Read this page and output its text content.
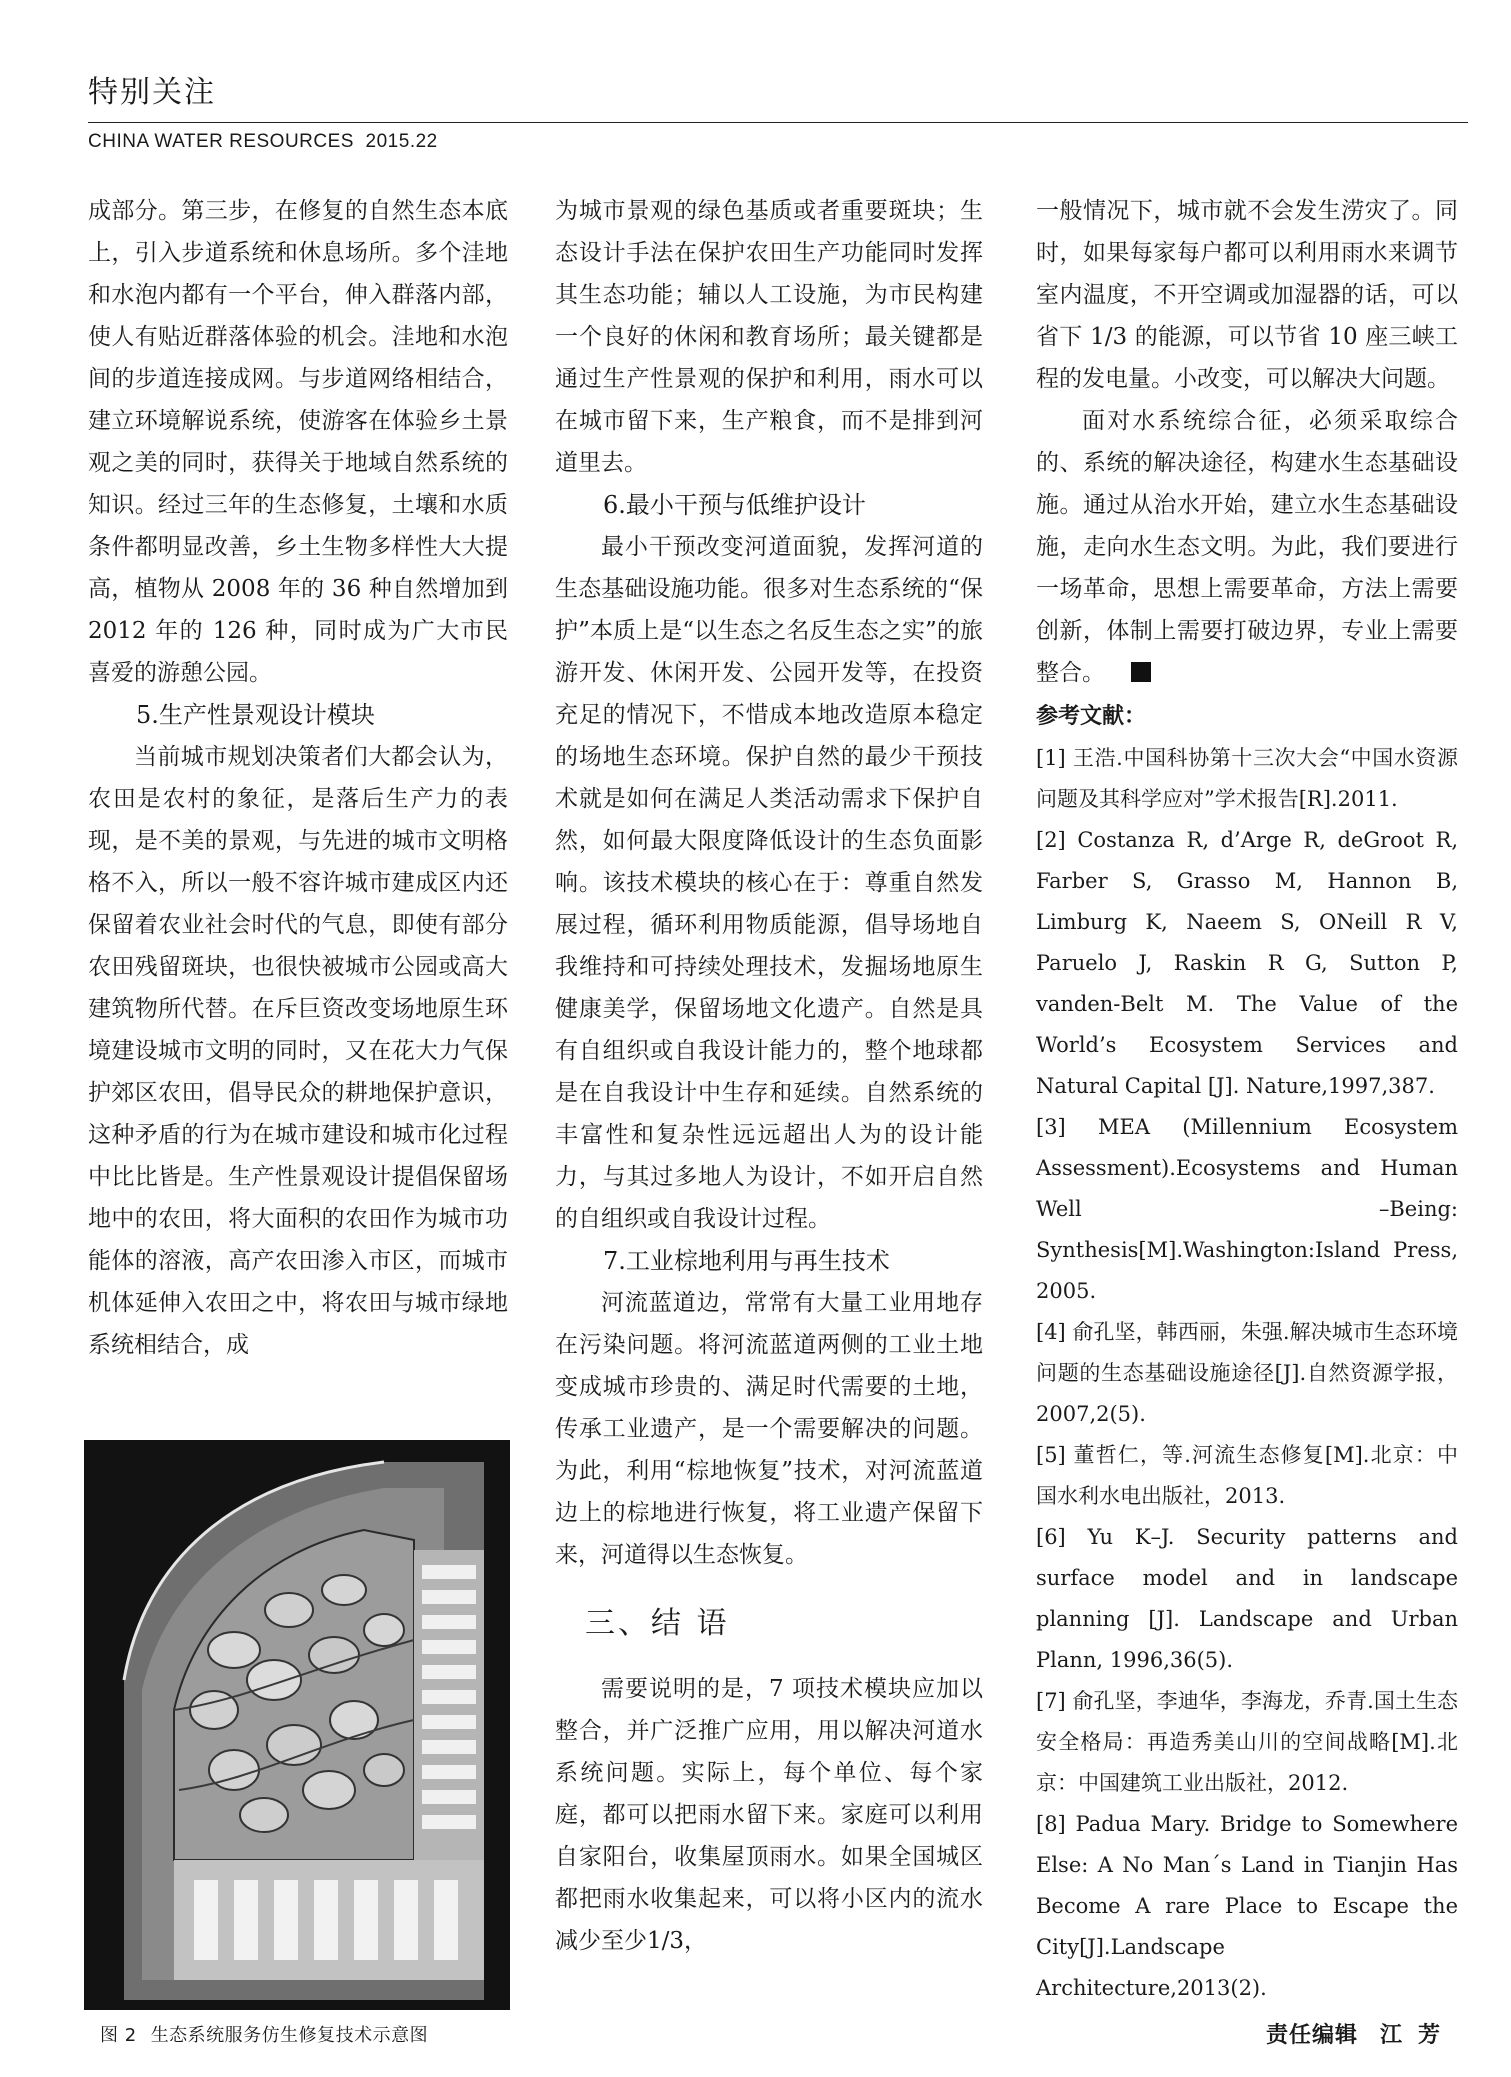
特别关注
CHINA WATER RESOURCES 2015.22

成部分。第三步，在修复的自然生态本底上，引入步道系统和休息场所。多个洼地和水泡内都有一个平台，伸入群落内部，使人有贴近群落体验的机会。洼地和水泡间的步道连接成网。与步道网络相结合，建立环境解说系统，使游客在体验乡土景观之美的同时，获得关于地域自然系统的知识。经过三年的生态修复，土壤和水质条件都明显改善，乡土生物多样性大大提高，植物从 2008 年的 36 种自然增加到 2012 年的 126 种，同时成为广大市民喜爱的游憩公园。

5.生产性景观设计模块

当前城市规划决策者们大都会认为，农田是农村的象征，是落后生产力的表现，是不美的景观，与先进的城市文明格格不入，所以一般不容许城市建成区内还保留着农业社会时代的气息，即使有部分农田残留斑块，也很快被城市公园或高大建筑物所代替。在斥巨资改变场地原生环境建设城市文明的同时，又在花大力气保护郊区农田，倡导民众的耕地保护意识，这种矛盾的行为在城市建设和城市化过程中比比皆是。生产性景观设计提倡保留场地中的农田，将大面积的农田作为城市功能体的溶液，高产农田渗入市区，而城市机体延伸入农田之中，将农田与城市绿地系统相结合，成

图 2 生态系统服务仿生修复技术示意图

为城市景观的绿色基质或者重要斑块；生态设计手法在保护农田生产功能同时发挥其生态功能；辅以人工设施，为市民构建一个良好的休闲和教育场所；最关键都是通过生产性景观的保护和利用，雨水可以在城市留下来，生产粮食，而不是排到河道里去。

6.最小干预与低维护设计

最小干预改变河道面貌，发挥河道的生态基础设施功能。很多对生态系统的“保护”本质上是“以生态之名反生态之实”的旅游开发、休闲开发、公园开发等，在投资充足的情况下，不惜成本地改造原本稳定的场地生态环境。保护自然的最少干预技术就是如何在满足人类活动需求下保护自然，如何最大限度降低设计的生态负面影响。该技术模块的核心在于：尊重自然发展过程，循环利用物质能源，倡导场地自我维持和可持续处理技术，发掘场地原生健康美学，保留场地文化遗产。自然是具有自组织或自我设计能力的，整个地球都是在自我设计中生存和延续。自然系统的丰富性和复杂性远远超出人为的设计能力，与其过多地人为设计，不如开启自然的自组织或自我设计过程。

7.工业棕地利用与再生技术

河流蓝道边，常常有大量工业用地存在污染问题。将河流蓝道两侧的工业土地变成城市珍贵的、满足时代需要的土地，传承工业遗产，是一个需要解决的问题。为此，利用“棕地恢复”技术，对河流蓝道边上的棕地进行恢复，将工业遗产保留下来，河道得以生态恢复。

三、结 语

需要说明的是，7 项技术模块应加以整合，并广泛推广应用，用以解决河道水系统问题。实际上，每个单位、每个家庭，都可以把雨水留下来。家庭可以利用自家阳台，收集屋顶雨水。如果全国城区都把雨水收集起来，可以将小区内的流水减少至少1/3，

一般情况下，城市就不会发生涝灾了。同时，如果每家每户都可以利用雨水来调节室内温度，不开空调或加湿器的话，可以省下 1/3 的能源，可以节省 10 座三峡工程的发电量。小改变，可以解决大问题。

面对水系统综合征，必须采取综合的、系统的解决途径，构建水生态基础设施。通过从治水开始，建立水生态基础设施，走向水生态文明。为此，我们要进行一场革命，思想上需要革命，方法上需要创新，体制上需要打破边界，专业上需要整合。

参考文献：
[1] 王浩.中国科协第十三次大会“中国水资源问题及其科学应对”学术报告[R].2011.
[2] Costanza R, d’Arge R, deGroot R, Farber S, Grasso M, Hannon B, Limburg K, Naeem S, ONeill R V, Paruelo J, Raskin R G, Sutton P, vanden-Belt M. The Value of the World’s Ecosystem Services and Natural Capital [J]. Nature,1997,387.
[3] MEA (Millennium Ecosystem Assessment).Ecosystems and Human Well –Being: Synthesis[M].Washington:Island Press, 2005.
[4] 俞孔坚，韩西丽，朱强.解决城市生态环境问题的生态基础设施途径[J].自然资源学报，2007,2(5).
[5] 董哲仁，等.河流生态修复[M].北京：中国水利水电出版社，2013.
[6] Yu K–J. Security patterns and surface model and in landscape planning [J]. Landscape and Urban Plann, 1996,36(5).
[7] 俞孔坚，李迪华，李海龙，乔青.国土生态安全格局：再造秀美山川的空间战略[M].北京：中国建筑工业出版社，2012.
[8] Padua Mary. Bridge to Somewhere Else: A No Man´s Land in Tianjin Has Become A rare Place to Escape the City[J].Landscape Architecture,2013(2).
责任编辑 江芳
